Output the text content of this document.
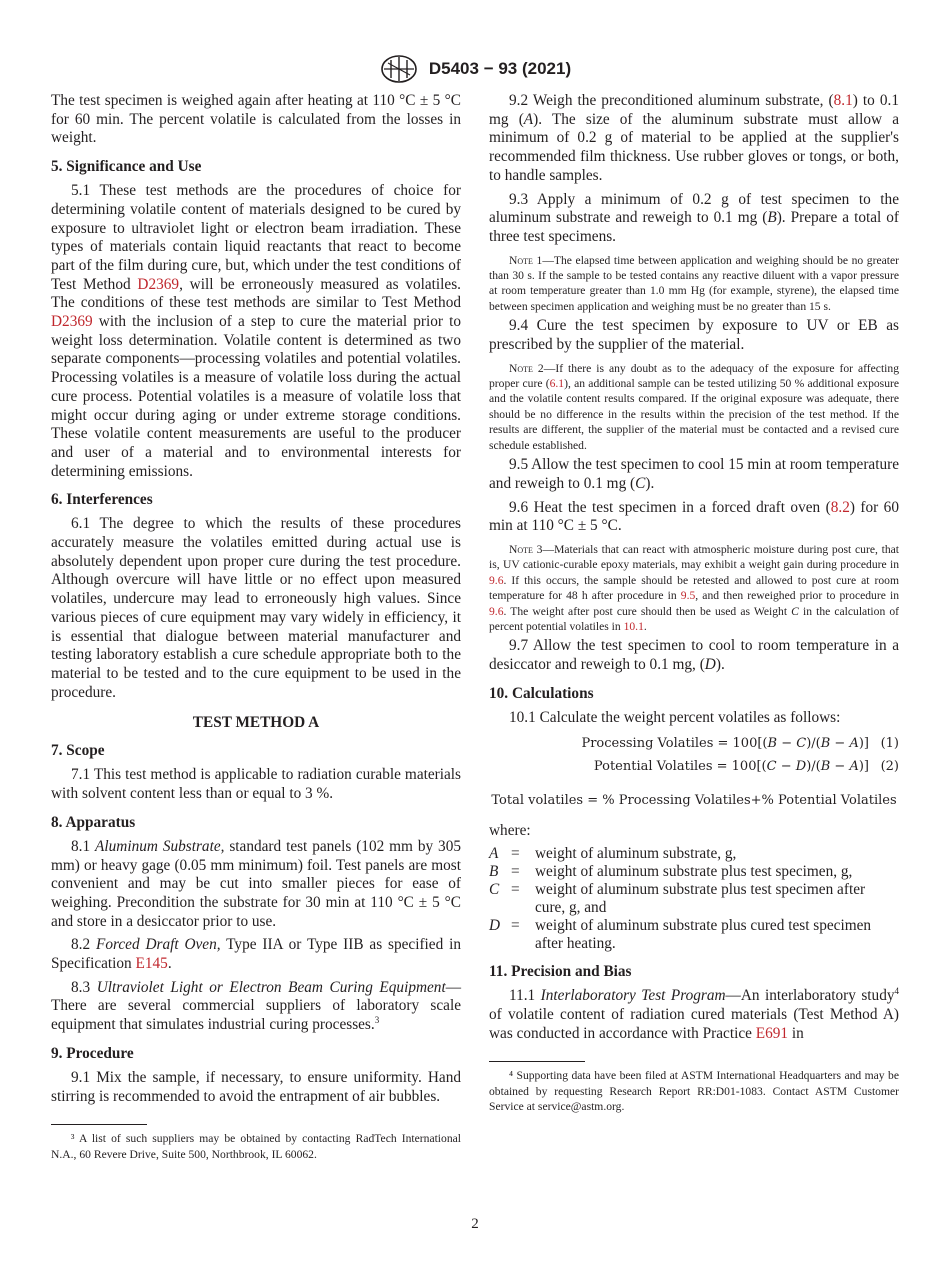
D5403 − 93 (2021)

The test specimen is weighed again after heating at 110 °C ± 5 °C for 60 min. The percent volatile is calculated from the losses in weight.

5. Significance and Use

5.1 These test methods are the procedures of choice for determining volatile content of materials designed to be cured by exposure to ultraviolet light or electron beam irradiation. These types of materials contain liquid reactants that react to become part of the film during cure, but, which under the test conditions of Test Method D2369, will be erroneously measured as volatiles. The conditions of these test methods are similar to Test Method D2369 with the inclusion of a step to cure the material prior to weight loss determination. Volatile content is determined as two separate components—processing volatiles and potential volatiles. Processing volatiles is a measure of volatile loss during the actual cure process. Potential volatiles is a measure of volatile loss that might occur during aging or under extreme storage conditions. These volatile content measurements are useful to the producer and user of a material and to environmental interests for determining emissions.

6. Interferences

6.1 The degree to which the results of these procedures accurately measure the volatiles emitted during actual use is absolutely dependent upon proper cure during the test procedure. Although overcure will have little or no effect upon measured volatiles, undercure may lead to erroneously high values. Since various pieces of cure equipment may vary widely in efficiency, it is essential that dialogue between material manufacturer and testing laboratory establish a cure schedule appropriate both to the material to be tested and to the cure equipment to be used in the procedure.

TEST METHOD A
7. Scope

7.1 This test method is applicable to radiation curable materials with solvent content less than or equal to 3 %.

8. Apparatus

8.1 Aluminum Substrate, standard test panels (102 mm by 305 mm) or heavy gage (0.05 mm minimum) foil. Test panels are most convenient and may be cut into smaller pieces for ease of weighing. Precondition the substrate for 30 min at 110 °C ± 5 °C and store in a desiccator prior to use.

8.2 Forced Draft Oven, Type IIA or Type IIB as specified in Specification E145.

8.3 Ultraviolet Light or Electron Beam Curing Equipment—There are several commercial suppliers of laboratory scale equipment that simulates industrial curing processes.$^3$

9. Procedure

9.1 Mix the sample, if necessary, to ensure uniformity. Hand stirring is recommended to avoid the entrapment of air bubbles.

³ A list of such suppliers may be obtained by contacting RadTech International N.A., 60 Revere Drive, Suite 500, Northbrook, IL 60062.

9.2 Weigh the preconditioned aluminum substrate, (8.1) to 0.1 mg (A). The size of the aluminum substrate must allow a minimum of 0.2 g of material to be applied at the supplier's recommended film thickness. Use rubber gloves or tongs, or both, to handle samples.

9.3 Apply a minimum of 0.2 g of test specimen to the aluminum substrate and reweigh to 0.1 mg (B). Prepare a total of three test specimens.

Note 1—The elapsed time between application and weighing should be no greater than 30 s. If the sample to be tested contains any reactive diluent with a vapor pressure at room temperature greater than 1.0 mm Hg (for example, styrene), the elapsed time between specimen application and weighing must be no greater than 15 s.

9.4 Cure the test specimen by exposure to UV or EB as prescribed by the supplier of the material.

Note 2—If there is any doubt as to the adequacy of the exposure for affecting proper cure (6.1), an additional sample can be tested utilizing 50 % additional exposure and the volatile content results compared. If the original exposure was adequate, there should be no difference in the results within the precision of the test method. If the results are different, the supplier of the material must be contacted and a revised cure schedule established.

9.5 Allow the test specimen to cool 15 min at room temperature and reweigh to 0.1 mg (C).

9.6 Heat the test specimen in a forced draft oven (8.2) for 60 min at 110 °C ± 5 °C.

Note 3—Materials that can react with atmospheric moisture during post cure, that is, UV cationic-curable epoxy materials, may exhibit a weight gain during procedure in 9.6. If this occurs, the sample should be retested and allowed to post cure at room temperature for 48 h after procedure in 9.5, and then reweighed prior to procedure in 9.6. The weight after post cure should then be used as Weight C in the calculation of percent potential volatiles in 10.1.

9.7 Allow the test specimen to cool to room temperature in a desiccator and reweigh to 0.1 mg, (D).

10. Calculations

10.1 Calculate the weight percent volatiles as follows:

Processing Volatiles = 100[(B − C)/(B − A)] (1)
Potential Volatiles = 100[(C − D)/(B − A)] (2)
Total volatiles = % Processing Volatiles+% Potential Volatiles

where:

A =	weight of aluminum substrate, g,
B =	weight of aluminum substrate plus test specimen, g,
C =	weight of aluminum substrate plus test specimen after cure, g, and
D =	weight of aluminum substrate plus cured test specimen after heating.
11. Precision and Bias

11.1 Interlaboratory Test Program—An interlaboratory study$^4$ of volatile content of radiation cured materials (Test Method A) was conducted in accordance with Practice E691 in

⁴ Supporting data have been filed at ASTM International Headquarters and may be obtained by requesting Research Report RR:D01-1083. Contact ASTM Customer Service at service@astm.org.

2
